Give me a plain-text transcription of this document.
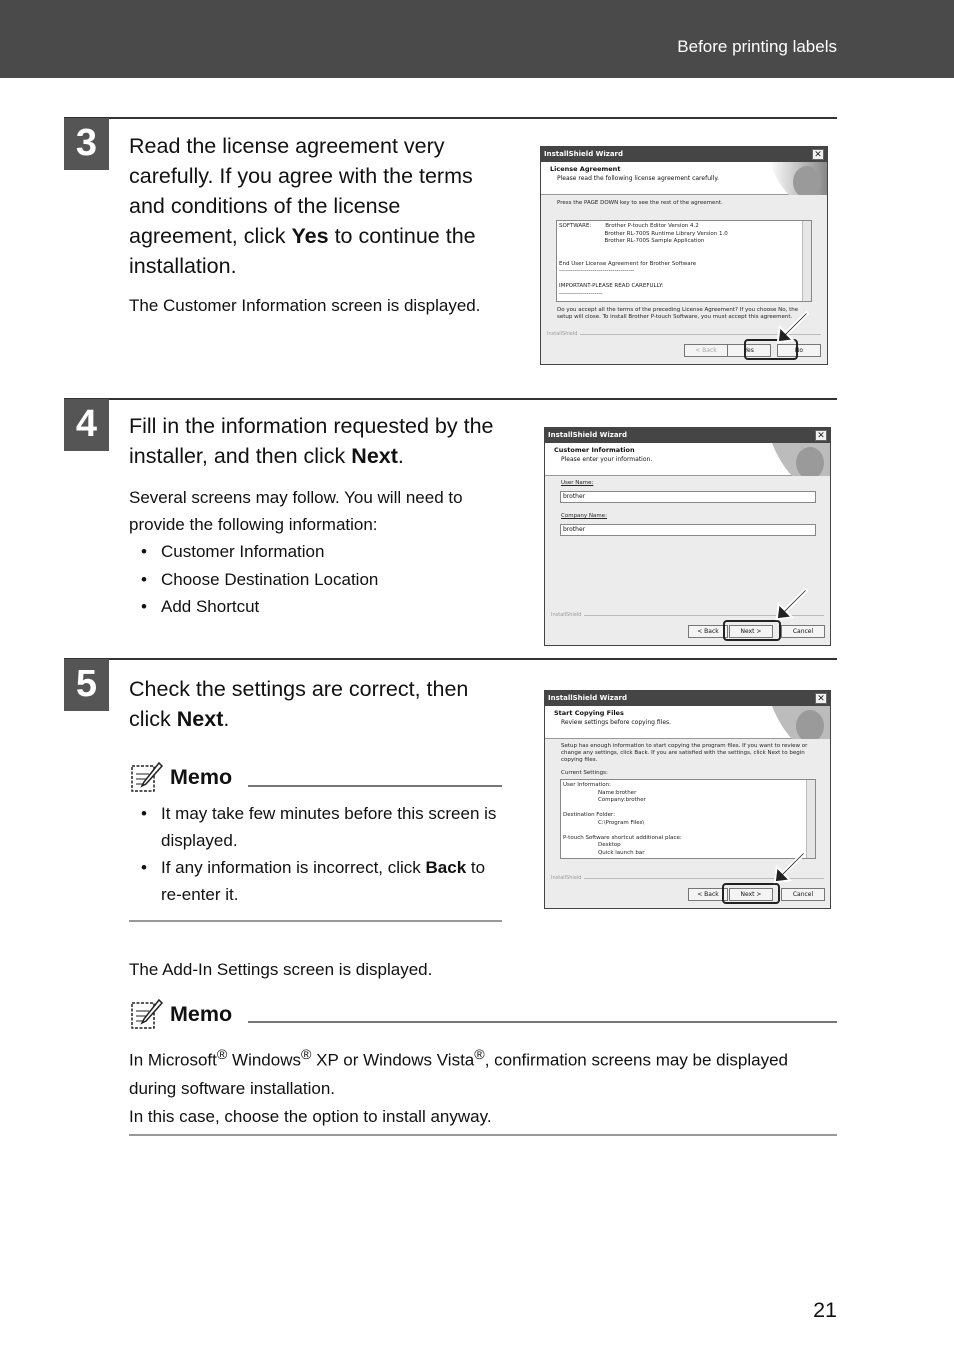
Before printing labels
3	Read the license agreement very carefully. If you agree with the terms and conditions of the license agreement, click Yes to continue the installation.
The Customer Information screen is displayed.
InstallShield Wizard	✕
License Agreement
Please read the following license agreement carefully.
Press the PAGE DOWN key to see the rest of the agreement.
SOFTWARE:        Brother P-touch Editor Version 4.2
Brother RL-700S Runtime Library Version 1.0
Brother RL-700S Sample Application
End User License Agreement for Brother Software
--------------------------------------
IMPORTANT-PLEASE READ CAREFULLY:
----------------------
Do you accept all the terms of the preceding License Agreement? If you choose No, the setup will close. To install Brother P-touch Software, you must accept this agreement.
InstallShield
< Back	Yes	No
4	Fill in the information requested by the installer, and then click Next.
Several screens may follow. You will need to provide the following information:
• Customer Information
• Choose Destination Location
• Add Shortcut
InstallShield Wizard	✕
Customer Information
Please enter your information.
User Name:
brother
Company Name:
brother
InstallShield
< Back	Next >	Cancel
5	Check the settings are correct, then click Next.
Memo
• It may take few minutes before this screen is displayed.
• If any information is incorrect, click Back to re-enter it.
InstallShield Wizard	✕
Start Copying Files
Review settings before copying files.
Setup has enough information to start copying the program files. If you want to review or change any settings, click Back. If you are satisfied with the settings, click Next to begin copying files.
Current Settings:
User Information:
Name:brother
Company:brother
Destination Folder:
C:\Program Files\
P-touch Software shortcut additional place:
Desktop
Quick launch bar
InstallShield
< Back	Next >	Cancel
The Add-In Settings screen is displayed.
Memo
In Microsoft® Windows® XP or Windows Vista®, confirmation screens may be displayed during software installation.
In this case, choose the option to install anyway.
21
